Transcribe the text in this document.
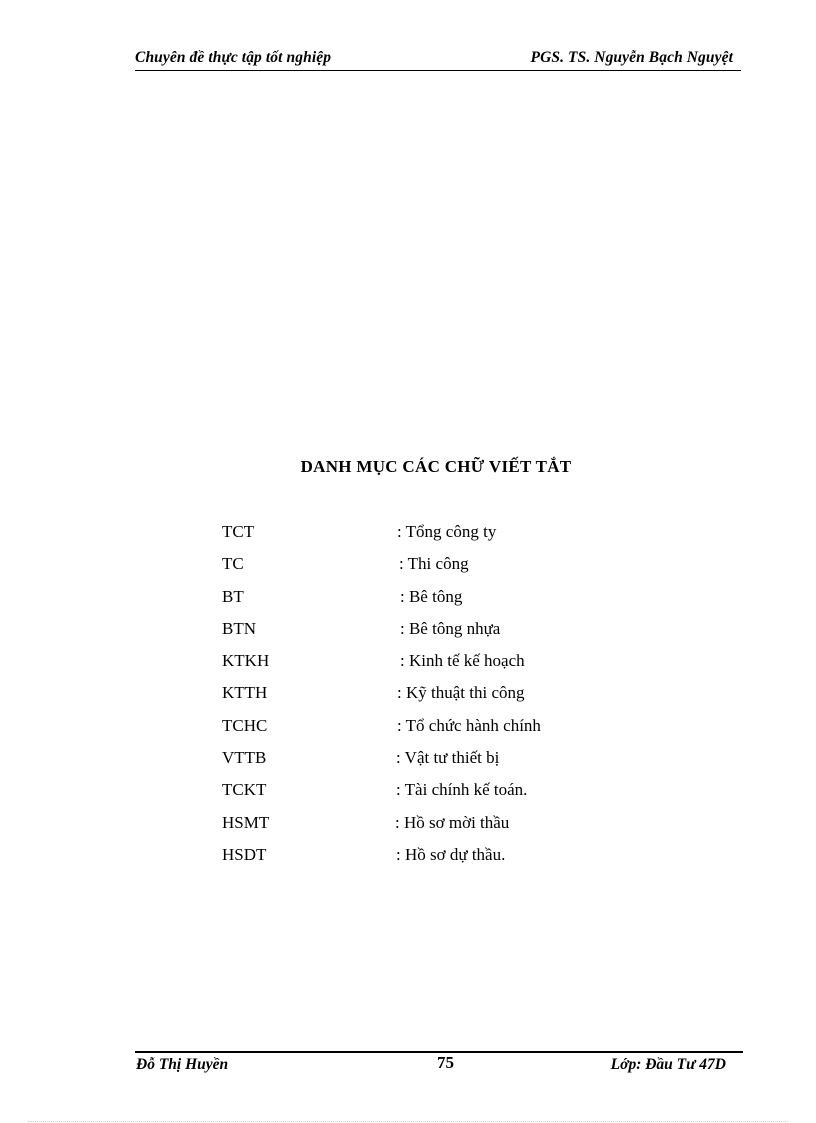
Chuyên đề thực tập tốt nghiệp	PGS. TS. Nguyễn Bạch Nguyệt
DANH MỤC CÁC CHỮ VIẾT TẮT
TCT	: Tổng công ty
TC	: Thi công
BT	: Bê tông
BTN	: Bê tông nhựa
KTKH	: Kinh tế kế hoạch
KTTH	: Kỹ thuật thi công
TCHC	: Tổ chức hành chính
VTTB	: Vật tư thiết bị
TCKT	: Tài chính kế toán.
HSMT	: Hồ sơ mời thầu
HSDT	: Hồ sơ dự thầu.
Đỗ Thị Huyền	75	Lớp: Đầu Tư 47D
